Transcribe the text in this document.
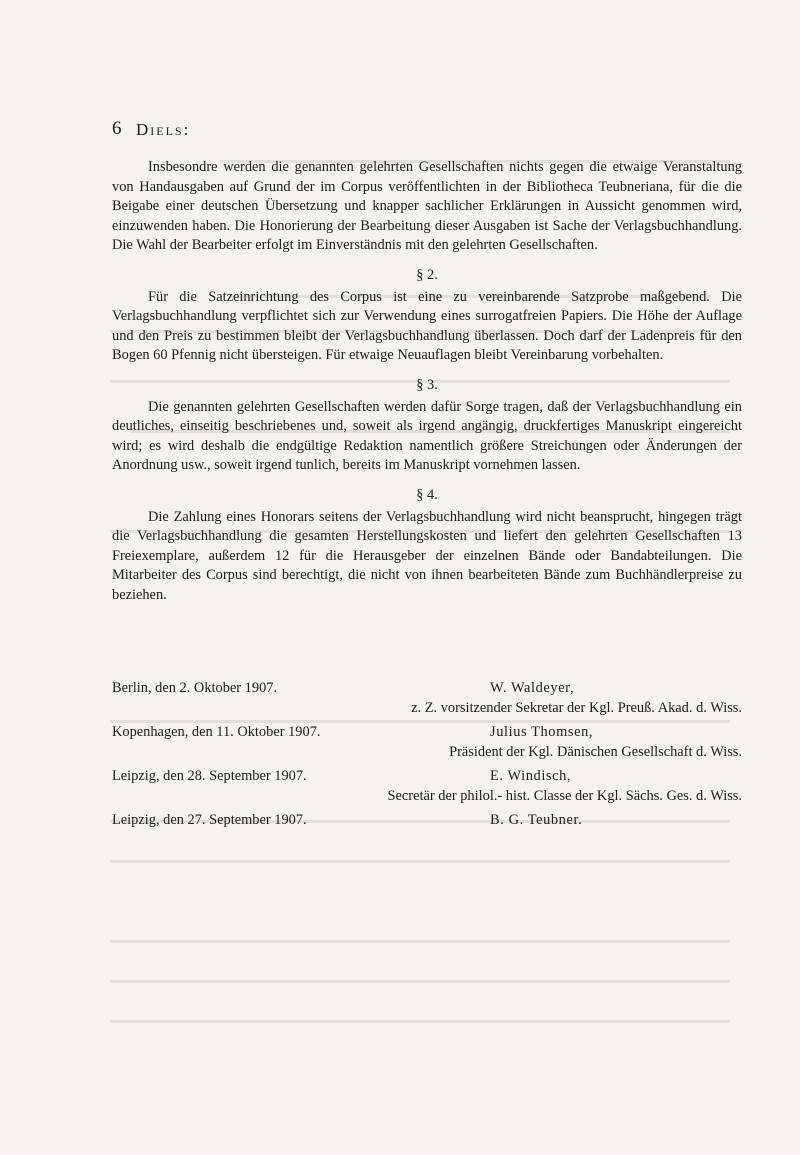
6 Diels:

Insbesondre werden die genannten gelehrten Gesellschaften nichts gegen die etwaige Veranstaltung von Handausgaben auf Grund der im Corpus veröffentlichten in der Bibliotheca Teubneriana, für die die Beigabe einer deutschen Übersetzung und knapper sachlicher Erklärungen in Aussicht genommen wird, einzuwenden haben. Die Honorierung der Bearbeitung dieser Ausgaben ist Sache der Verlagsbuchhandlung. Die Wahl der Bearbeiter erfolgt im Einverständnis mit den gelehrten Gesellschaften.

§ 2.

Für die Satzeinrichtung des Corpus ist eine zu vereinbarende Satzprobe maßgebend. Die Verlagsbuchhandlung verpflichtet sich zur Verwendung eines surrogatfreien Papiers. Die Höhe der Auflage und den Preis zu bestimmen bleibt der Verlagsbuchhandlung überlassen. Doch darf der Ladenpreis für den Bogen 60 Pfennig nicht übersteigen. Für etwaige Neuauflagen bleibt Vereinbarung vorbehalten.

§ 3.

Die genannten gelehrten Gesellschaften werden dafür Sorge tragen, daß der Verlagsbuchhandlung ein deutliches, einseitig beschriebenes und, soweit als irgend angängig, druckfertiges Manuskript eingereicht wird; es wird deshalb die endgültige Redaktion namentlich größere Streichungen oder Änderungen der Anordnung usw., soweit irgend tunlich, bereits im Manuskript vornehmen lassen.

§ 4.

Die Zahlung eines Honorars seitens der Verlagsbuchhandlung wird nicht beansprucht, hingegen trägt die Verlagsbuchhandlung die gesamten Herstellungskosten und liefert den gelehrten Gesellschaften 13 Freiexemplare, außerdem 12 für die Herausgeber der einzelnen Bände oder Bandabteilungen. Die Mitarbeiter des Corpus sind berechtigt, die nicht von ihnen bearbeiteten Bände zum Buchhändlerpreise zu beziehen.

Berlin, den 2. Oktober 1907.	W. Waldeyer,
z. Z. vorsitzender Sekretar der Kgl. Preuß. Akad. d. Wiss.
Kopenhagen, den 11. Oktober 1907.	Julius Thomsen,
Präsident der Kgl. Dänischen Gesellschaft d. Wiss.
Leipzig, den 28. September 1907.	E. Windisch,
Secretär der philol.- hist. Classe der Kgl. Sächs. Ges. d. Wiss.
Leipzig, den 27. September 1907.	B. G. Teubner.
